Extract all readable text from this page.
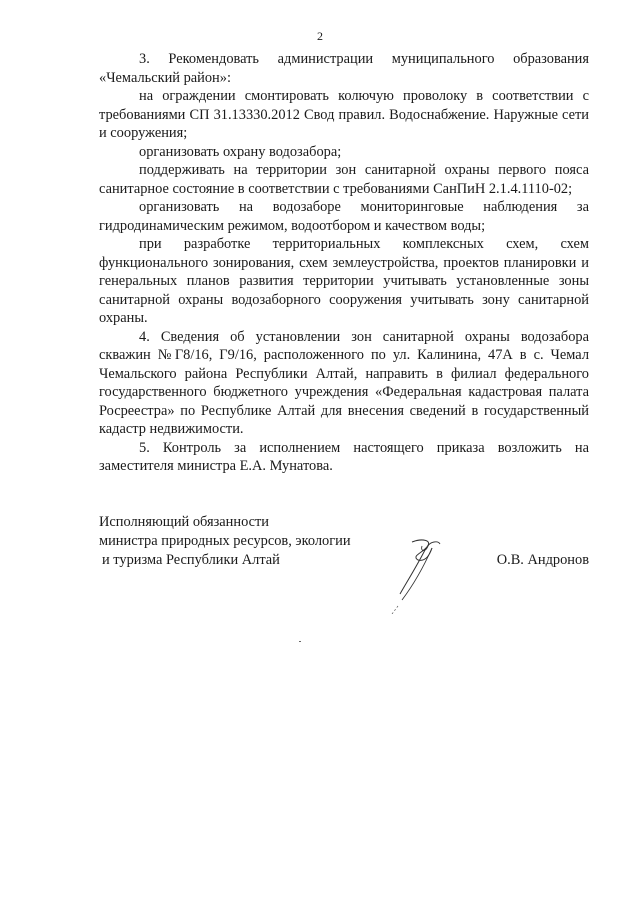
2

3. Рекомендовать администрации муниципального образования «Чемальский район»:

на ограждении смонтировать колючую проволоку в соответствии с требованиями СП 31.13330.2012 Свод правил. Водоснабжение. Наружные сети и сооружения;

организовать охрану водозабора;

поддерживать на территории зон санитарной охраны первого пояса санитарное состояние в соответствии с требованиями СанПиН 2.1.4.1110-02;

организовать на водозаборе мониторинговые наблюдения за гидродинамическим режимом, водоотбором и качеством воды;

при разработке территориальных комплексных схем, схем функционального зонирования, схем землеустройства, проектов планировки и генеральных планов развития территории учитывать установленные зоны санитарной охраны водозаборного сооружения учитывать зону санитарной охраны.

4. Сведения об установлении зон санитарной охраны водозабора скважин №Г8/16, Г9/16, расположенного по ул. Калинина, 47А в с. Чемал Чемальского района Республики Алтай, направить в филиал федерального государственного бюджетного учреждения «Федеральная кадастровая палата Росреестра» по Республике Алтай для внесения сведений в государственный кадастр недвижимости.

5. Контроль за исполнением настоящего приказа возложить на заместителя министра Е.А. Мунатова.

Исполняющий обязанности
министра природных ресурсов, экологии
и туризма Республики Алтай	О.В. Андронов
